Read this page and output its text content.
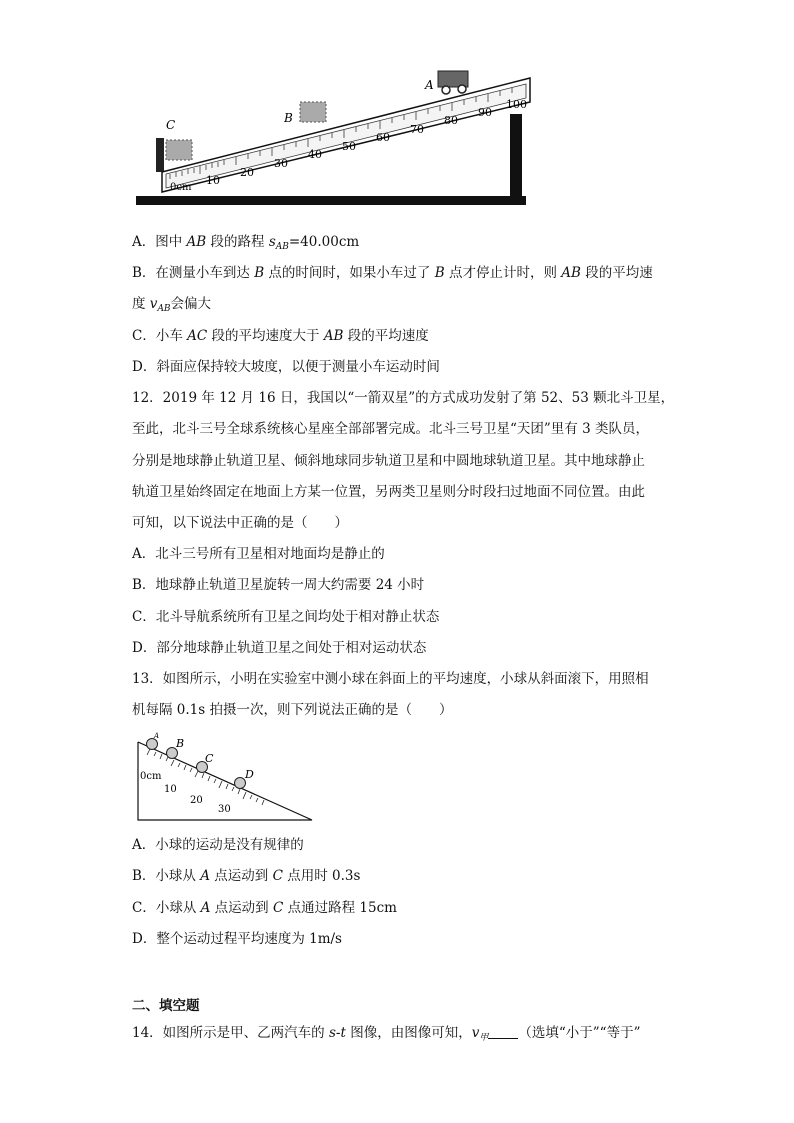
0cm
10
20
30
40
50
60
70
80
90
100
C	B
A
A．图中 AB 段的路程 $s_{AB}=40.00cm$
B．在测量小车到达 B 点的时间时，如果小车过了 B 点才停止计时，则 AB 段的平均速
度 $v_{AB}$会偏大
C．小车 AC 段的平均速度大于 AB 段的平均速度
D．斜面应保持较大坡度，以便于测量小车运动时间
12．2019 年 12 月 16 日，我国以“一箭双星”的方式成功发射了第 52、53 颗北斗卫星，
至此，北斗三号全球系统核心星座全部部署完成。北斗三号卫星“天团”里有 3 类队员，
分别是地球静止轨道卫星、倾斜地球同步轨道卫星和中圆地球轨道卫星。其中地球静止
轨道卫星始终固定在地面上方某一位置，另两类卫星则分时段扫过地面不同位置。由此
可知，以下说法中正确的是（　　）
A．北斗三号所有卫星相对地面均是静止的
B．地球静止轨道卫星旋转一周大约需要 24 小时
C．北斗导航系统所有卫星之间均处于相对静止状态
D．部分地球静止轨道卫星之间处于相对运动状态
13．如图所示，小明在实验室中测小球在斜面上的平均速度，小球从斜面滚下，用照相
机每隔 0.1s 拍摄一次，则下列说法正确的是（　　）
A
B
C
D
0cm
10
20
30
A．小球的运动是没有规律的
B．小球从 A 点运动到 C 点用时 0.3s
C．小球从 A 点运动到 C 点通过路程 15cm
D．整个运动过程平均速度为 1m/s
二、填空题
14．如图所示是甲、乙两汽车的 s-t 图像，由图像可知，$v_甲$ （选填“小于”“等于”
